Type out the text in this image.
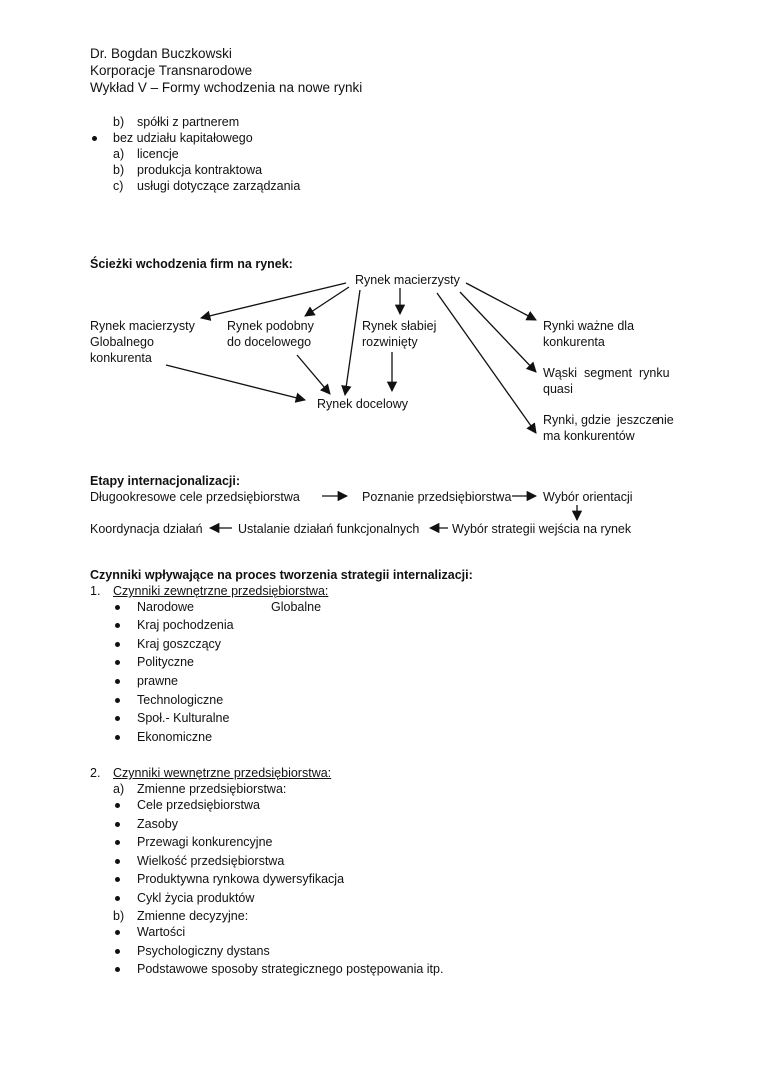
Dr. Bogdan Buczkowski
Korporacje Transnarodowe
Wykład V – Formy wchodzenia na nowe rynki
b) spółki z partnerem
bez udziału kapitałowego
a) licencje
b) produkcja kontraktowa
c) usługi dotyczące zarządzania
Ścieżki wchodzenia firm na rynek:
Rynek macierzysty
Rynek macierzysty
Globalnego
konkurenta
Rynek podobny
do docelowego
Rynek słabiej
rozwinięty
Rynek docelowy
Rynki ważne dla
konkurenta
Wąski segment rynku
quasi
Rynki, gdzie jeszcze
nie
ma konkurentów
Etapy internacjonalizacji:
Długookresowe cele przedsiębiorstwa	Poznanie przedsiębiorstwa	Wybór orientacji
Wybór strategii wejścia na rynek
Ustalanie działań funkcjonalnych
Koordynacja działań
Czynniki wpływające na proces tworzenia strategii internalizacji:
1. Czynniki zewnętrzne przedsiębiorstwa:
Narodowe	Globalne
Kraj pochodzenia
Kraj goszczący
Polityczne
prawne
Technologiczne
Społ.- Kulturalne
Ekonomiczne
2. Czynniki wewnętrzne przedsiębiorstwa:
a) Zmienne przedsiębiorstwa:
Cele przedsiębiorstwa
Zasoby
Przewagi konkurencyjne
Wielkość przedsiębiorstwa
Produktywna rynkowa dywersyfikacja
Cykl życia produktów
b) Zmienne decyzyjne:
Wartości
Psychologiczny dystans
Podstawowe sposoby strategicznego postępowania itp.
